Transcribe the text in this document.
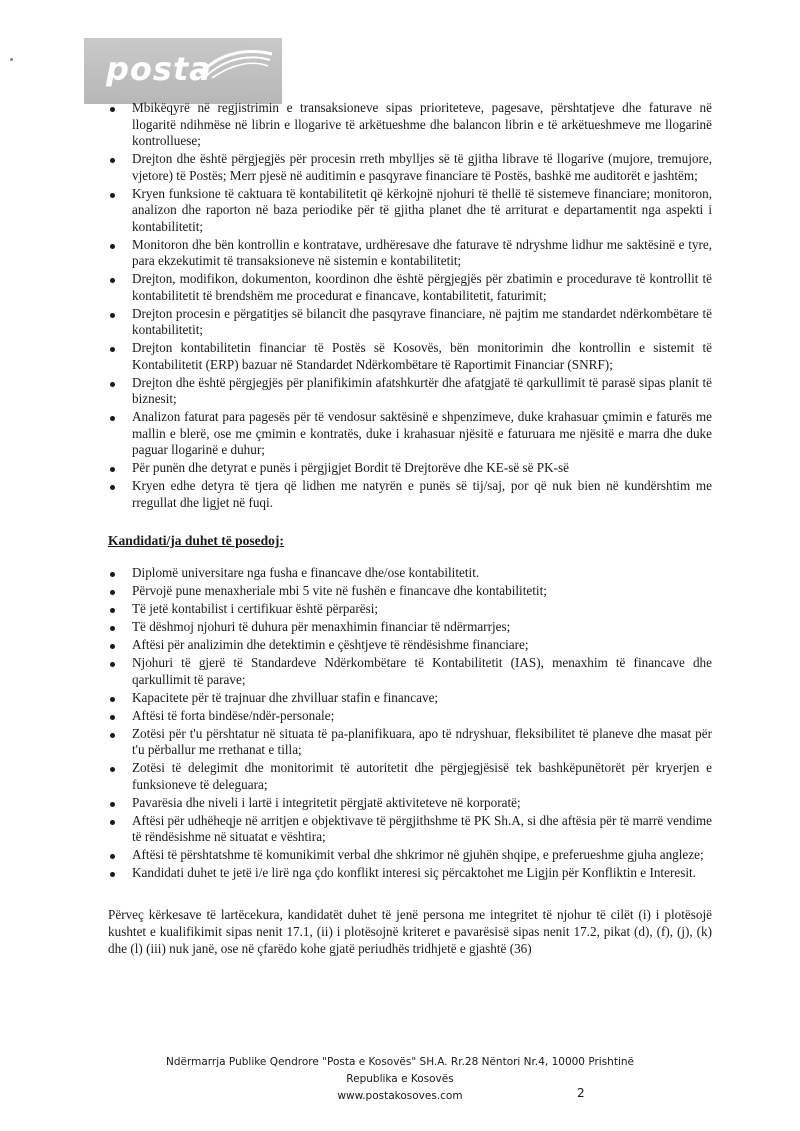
posta
Mbikëqyrë në regjistrimin e transaksioneve sipas prioriteteve, pagesave, përshtatjeve dhe faturave në llogaritë ndihmëse në librin e llogarive të arkëtueshme dhe balancon librin e të arkëtueshmeve me llogarinë kontrolluese;
Drejton dhe është përgjegjës për procesin rreth mbylljes së të gjitha librave të llogarive (mujore, tremujore, vjetore) të Postës; Merr pjesë në auditimin e pasqyrave financiare të Postës, bashkë me auditorët e jashtëm;
Kryen funksione të caktuara të kontabilitetit që kërkojnë njohuri të thellë të sistemeve financiare; monitoron, analizon dhe raporton në baza periodike për të gjitha planet dhe të arriturat e departamentit nga aspekti i kontabilitetit;
Monitoron dhe bën kontrollin e kontratave, urdhëresave dhe faturave të ndryshme lidhur me saktësinë e tyre, para ekzekutimit të transaksioneve në sistemin e kontabilitetit;
Drejton, modifikon, dokumenton, koordinon dhe është përgjegjës për zbatimin e procedurave të kontrollit të kontabilitetit të brendshëm me procedurat e financave, kontabilitetit, faturimit;
Drejton procesin e përgatitjes së bilancit dhe pasqyrave financiare, në pajtim me standardet ndërkombëtare të kontabilitetit;
Drejton kontabilitetin financiar të Postës së Kosovës, bën monitorimin dhe kontrollin e sistemit të Kontabilitetit (ERP) bazuar në Standardet Ndërkombëtare të Raportimit Financiar (SNRF);
Drejton dhe është përgjegjës për planifikimin afatshkurtër dhe afatgjatë të qarkullimit të parasë sipas planit të biznesit;
Analizon faturat para pagesës për të vendosur saktësinë e shpenzimeve, duke krahasuar çmimin e faturës me mallin e blerë, ose me çmimin e kontratës, duke i krahasuar njësitë e faturuara me njësitë e marra dhe duke paguar llogarinë e duhur;
Për punën dhe detyrat e punës i përgjigjet Bordit të Drejtorëve dhe KE-së së PK-së
Kryen edhe detyra të tjera që lidhen me natyrën e punës së tij/saj, por që nuk bien në kundërshtim me rregullat dhe ligjet në fuqi.
Kandidati/ja duhet të posedoj:
Diplomë universitare nga fusha e financave dhe/ose kontabilitetit.
Përvojë pune menaxheriale mbi 5 vite në fushën e financave dhe kontabilitetit;
Të jetë kontabilist i certifikuar është përparësi;
Të dëshmoj njohuri të duhura për menaxhimin financiar të ndërmarrjes;
Aftësi për analizimin dhe detektimin e çështjeve të rëndësishme financiare;
Njohuri të gjerë të Standardeve Ndërkombëtare të Kontabilitetit (IAS), menaxhim të financave dhe qarkullimit të parave;
Kapacitete për të trajnuar dhe zhvilluar stafin e financave;
Aftësi të forta bindëse/ndër-personale;
Zotësi për t'u përshtatur në situata të pa-planifikuara, apo të ndryshuar, fleksibilitet të planeve dhe masat për t'u përballur me rrethanat e tilla;
Zotësi të delegimit dhe monitorimit të autoritetit dhe përgjegjësisë tek bashkëpunëtorët për kryerjen e funksioneve të deleguara;
Pavarësia dhe niveli i lartë i integritetit përgjatë aktiviteteve në korporatë;
Aftësi për udhëheqje në arritjen e objektivave të përgjithshme të PK Sh.A, si dhe aftësia për të marrë vendime të rëndësishme në situatat e vështira;
Aftësi të përshtatshme të komunikimit verbal dhe shkrimor në gjuhën shqipe, e preferueshme gjuha angleze;
Kandidati duhet te jetë i/e lirë nga çdo konflikt interesi siç përcaktohet me Ligjin për Konfliktin e Interesit.
Përveç kërkesave të lartëcekura, kandidatët duhet të jenë persona me integritet të njohur të cilët (i) i plotësojë kushtet e kualifikimit sipas nenit 17.1, (ii) i plotësojnë kriteret e pavarësisë sipas nenit 17.2, pikat (d), (f), (j), (k) dhe (l) (iii) nuk janë, ose në çfarëdo kohe gjatë periudhës tridhjetë e gjashtë (36)
Ndërmarrja Publike Qendrore "Posta e Kosovës" SH.A. Rr.28 Nëntori Nr.4, 10000 Prishtinë
Republika e Kosovës
www.postakosoves.com	2
